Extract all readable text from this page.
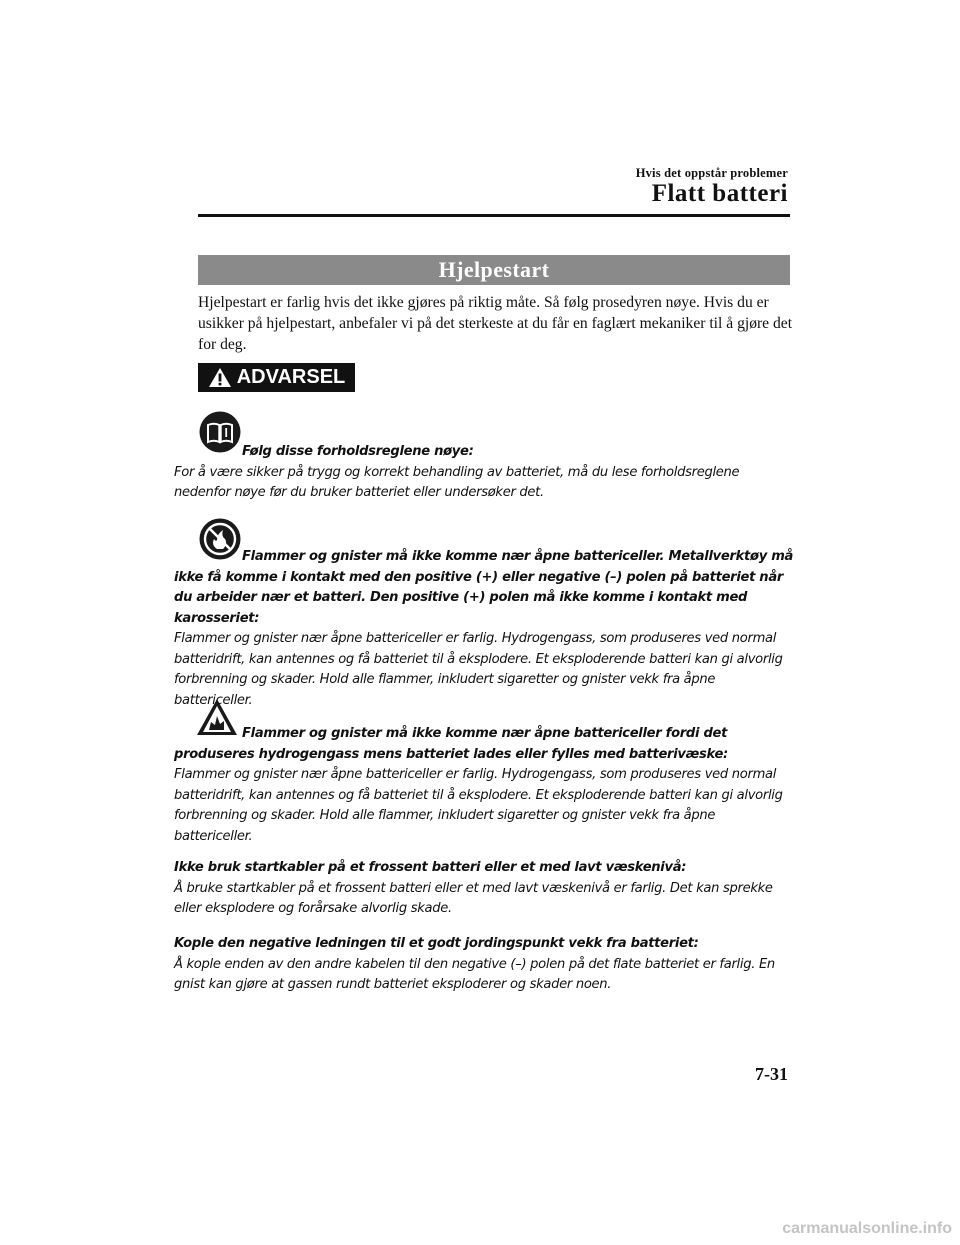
Hvis det oppstår problemer
Flatt batteri
Hjelpestart

Hjelpestart er farlig hvis det ikke gjøres på riktig måte. Så følg prosedyren nøye. Hvis du er usikker på hjelpestart, anbefaler vi på det sterkeste at du får en faglært mekaniker til å gjøre det for deg.

ADVARSEL

Følg disse forholdsreglene nøye:
For å være sikker på trygg og korrekt behandling av batteriet, må du lese forholdsreglene nedenfor nøye før du bruker batteriet eller undersøker det.

Flammer og gnister må ikke komme nær åpne battericeller. Metallverktøy må ikke få komme i kontakt med den positive (+) eller negative (–) polen på batteriet når du arbeider nær et batteri. Den positive (+) polen må ikke komme i kontakt med karosseriet:
Flammer og gnister nær åpne battericeller er farlig. Hydrogengass, som produseres ved normal batteridrift, kan antennes og få batteriet til å eksplodere. Et eksploderende batteri kan gi alvorlig forbrenning og skader. Hold alle flammer, inkludert sigaretter og gnister vekk fra åpne battericeller.

Flammer og gnister må ikke komme nær åpne battericeller fordi det produseres hydrogengass mens batteriet lades eller fylles med batterivæske:
Flammer og gnister nær åpne battericeller er farlig. Hydrogengass, som produseres ved normal batteridrift, kan antennes og få batteriet til å eksplodere. Et eksploderende batteri kan gi alvorlig forbrenning og skader. Hold alle flammer, inkludert sigaretter og gnister vekk fra åpne battericeller.

Ikke bruk startkabler på et frossent batteri eller et med lavt væskenivå:
Å bruke startkabler på et frossent batteri eller et med lavt væskenivå er farlig. Det kan sprekke eller eksplodere og forårsake alvorlig skade.

Kople den negative ledningen til et godt jordingspunkt vekk fra batteriet:
Å kople enden av den andre kabelen til den negative (–) polen på det flate batteriet er farlig. En gnist kan gjøre at gassen rundt batteriet eksploderer og skader noen.

7-31
carmanualsonline.info
